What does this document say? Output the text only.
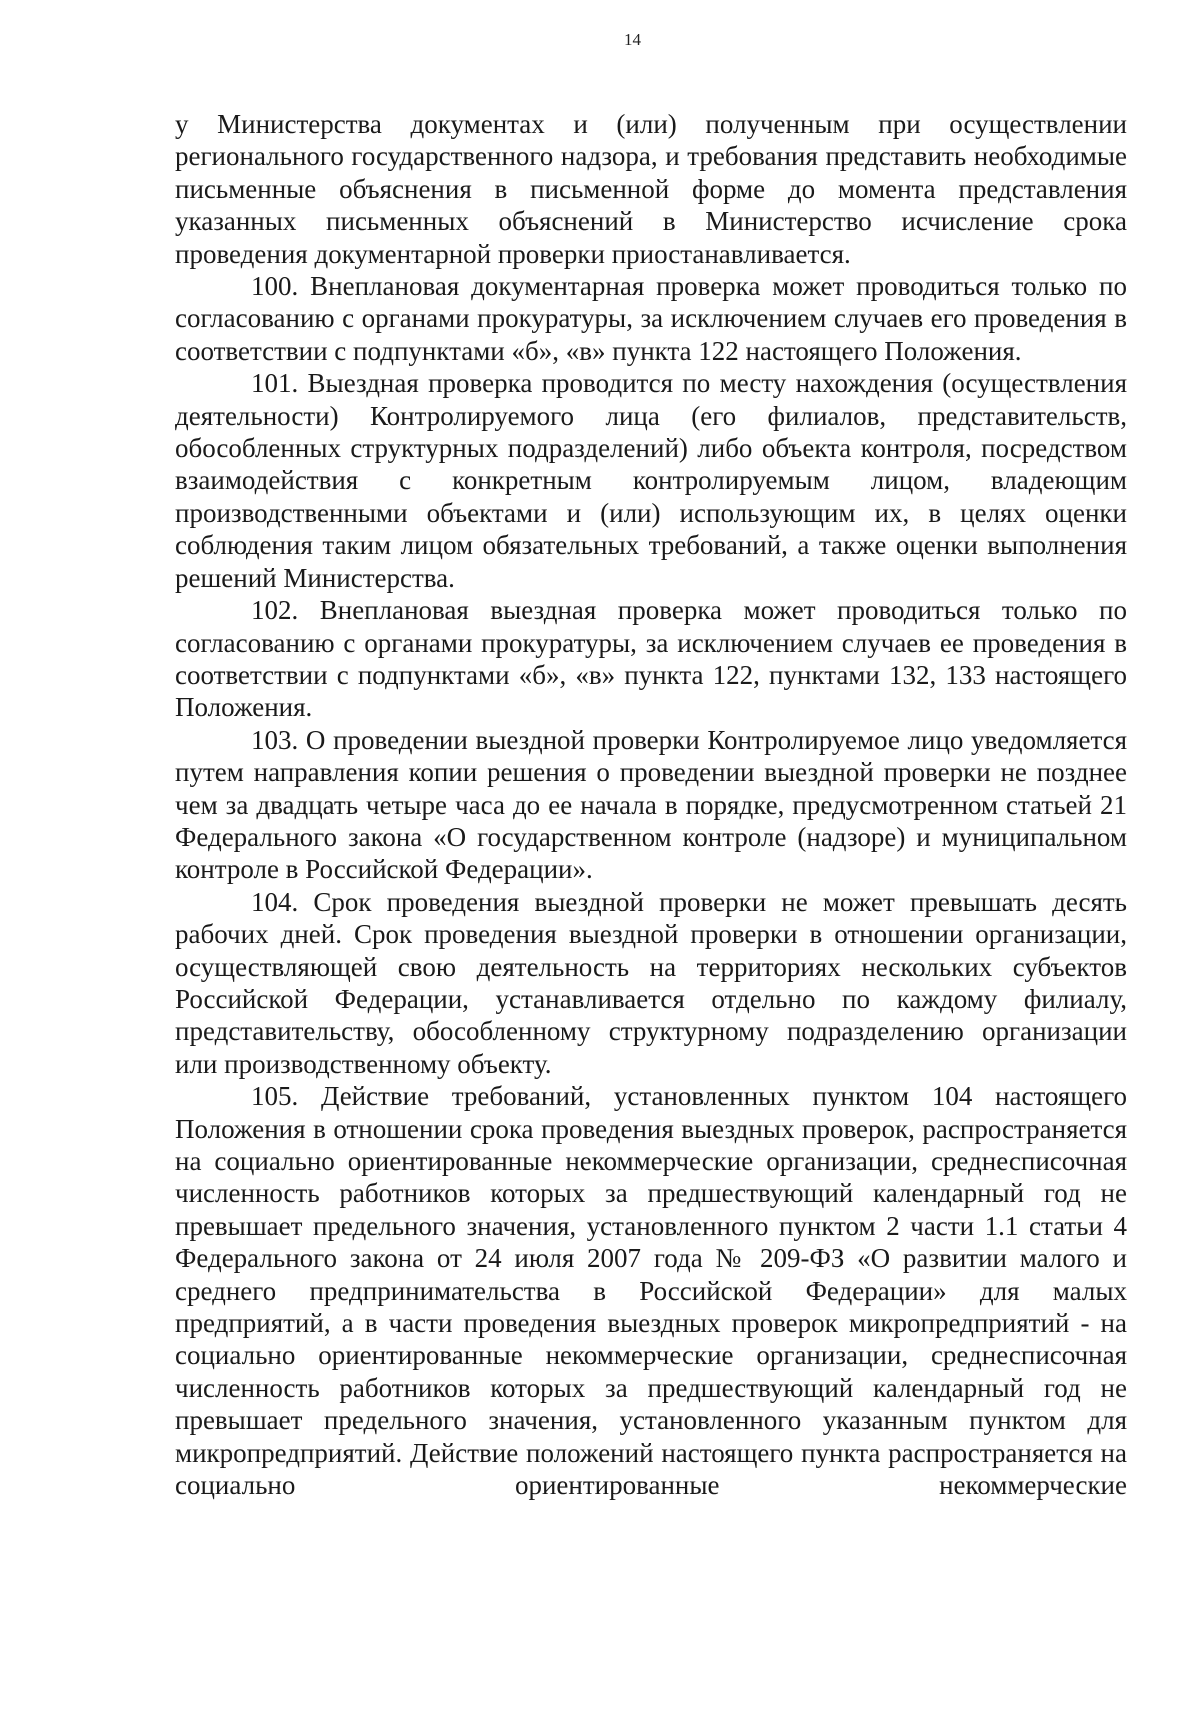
14

у Министерства документах и (или) полученным при осуществлении регионального государственного надзора, и требования представить необходимые письменные объяснения в письменной форме до момента представления указанных письменных объяснений в Министерство исчисление срока проведения документарной проверки приостанавливается.

100. Внеплановая документарная проверка может проводиться только по согласованию с органами прокуратуры, за исключением случаев его проведения в соответствии с подпунктами «б», «в» пункта 122 настоящего Положения.

101. Выездная проверка проводится по месту нахождения (осуществления деятельности) Контролируемого лица (его филиалов, представительств, обособленных структурных подразделений) либо объекта контроля, посредством взаимодействия с конкретным контролируемым лицом, владеющим производственными объектами и (или) использующим их, в целях оценки соблюдения таким лицом обязательных требований, а также оценки выполнения решений Министерства.

102. Внеплановая выездная проверка может проводиться только по согласованию с органами прокуратуры, за исключением случаев ее проведения в соответствии с подпунктами «б», «в» пункта 122, пунктами 132, 133 настоящего Положения.

103. О проведении выездной проверки Контролируемое лицо уведомляется путем направления копии решения о проведении выездной проверки не позднее чем за двадцать четыре часа до ее начала в порядке, предусмотренном статьей 21 Федерального закона «О государственном контроле (надзоре) и муниципальном контроле в Российской Федерации».

104. Срок проведения выездной проверки не может превышать десять рабочих дней. Срок проведения выездной проверки в отношении организации, осуществляющей свою деятельность на территориях нескольких субъектов Российской Федерации, устанавливается отдельно по каждому филиалу, представительству, обособленному структурному подразделению организации или производственному объекту.

105. Действие требований, установленных пунктом 104 настоящего Положения в отношении срока проведения выездных проверок, распространяется на социально ориентированные некоммерческие организации, среднесписочная численность работников которых за предшествующий календарный год не превышает предельного значения, установленного пунктом 2 части 1.1 статьи 4 Федерального закона от 24 июля 2007 года № 209-ФЗ «О развитии малого и среднего предпринимательства в Российской Федерации» для малых предприятий, а в части проведения выездных проверок микропредприятий - на социально ориентированные некоммерческие организации, среднесписочная численность работников которых за предшествующий календарный год не превышает предельного значения, установленного указанным пунктом для микропредприятий. Действие положений настоящего пункта распространяется на социально ориентированные некоммерческие
